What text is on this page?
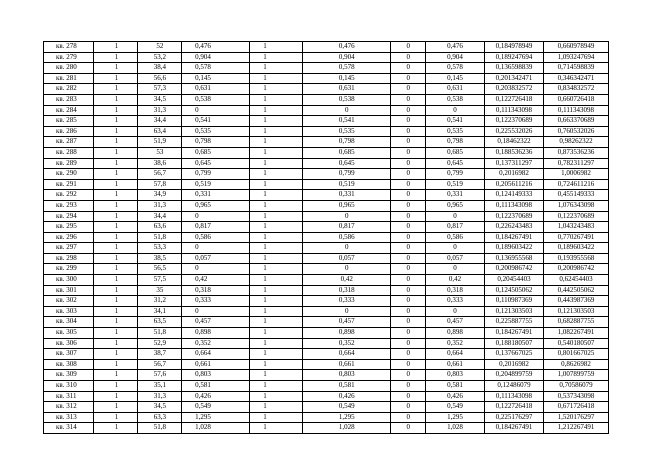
кв. 278	1	52	0,476	1	0,476	0	0,476	0,184978949	0,660978949
кв. 279	1	53,2	0,904	1	0,904	0	0,904	0,189247694	1,093247694
кв. 280	1	38,4	0,578	1	0,578	0	0,578	0,136598839	0,714598839
кв. 281	1	56,6	0,145	1	0,145	0	0,145	0,201342471	0,346342471
кв. 282	1	57,3	0,631	1	0,631	0	0,631	0,203832572	0,834832572
кв. 283	1	34,5	0,538	1	0,538	0	0,538	0,122726418	0,660726418
кв. 284	1	31,3	0	1	0	0	0	0,111343098	0,111343098
кв. 285	1	34,4	0,541	1	0,541	0	0,541	0,122370689	0,663370689
кв. 286	1	63,4	0,535	1	0,535	0	0,535	0,225532026	0,760532026
кв. 287	1	51,9	0,798	1	0,798	0	0,798	0,18462322	0,98262322
кв. 288	1	53	0,685	1	0,685	0	0,685	0,188536236	0,873536236
кв. 289	1	38,6	0,645	1	0,645	0	0,645	0,137311297	0,782311297
кв. 290	1	56,7	0,799	1	0,799	0	0,799	0,2016982	1,0006982
кв. 291	1	57,8	0,519	1	0,519	0	0,519	0,205611216	0,724611216
кв. 292	1	34,9	0,331	1	0,331	0	0,331	0,124149333	0,455149333
кв. 293	1	31,3	0,965	1	0,965	0	0,965	0,111343098	1,076343098
кв. 294	1	34,4	0	1	0	0	0	0,122370689	0,122370689
кв. 295	1	63,6	0,817	1	0,817	0	0,817	0,226243483	1,043243483
кв. 296	1	51,8	0,586	1	0,586	0	0,586	0,184267491	0,770267491
кв. 297	1	53,3	0	1	0	0	0	0,189603422	0,189603422
кв. 298	1	38,5	0,057	1	0,057	0	0,057	0,136955568	0,193955568
кв. 299	1	56,5	0	1	0	0	0	0,200986742	0,200986742
кв. 300	1	57,5	0,42	1	0,42	0	0,42	0,20454403	0,62454403
кв. 301	1	35	0,318	1	0,318	0	0,318	0,124505062	0,442505062
кв. 302	1	31,2	0,333	1	0,333	0	0,333	0,110987369	0,443987369
кв. 303	1	34,1	0	1	0	0	0	0,121303503	0,121303503
кв. 304	1	63,5	0,457	1	0,457	0	0,457	0,225887755	0,682887755
кв. 305	1	51,8	0,898	1	0,898	0	0,898	0,184267491	1,082267491
кв. 306	1	52,9	0,352	1	0,352	0	0,352	0,188180507	0,540180507
кв. 307	1	38,7	0,664	1	0,664	0	0,664	0,137667025	0,801667025
кв. 308	1	56,7	0,661	1	0,661	0	0,661	0,2016982	0,8626982
кв. 309	1	57,6	0,803	1	0,803	0	0,803	0,204899759	1,007899759
кв. 310	1	35,1	0,581	1	0,581	0	0,581	0,12486079	0,70586079
кв. 311	1	31,3	0,426	1	0,426	0	0,426	0,111343098	0,537343098
кв. 312	1	34,5	0,549	1	0,549	0	0,549	0,122726418	0,671726418
кв. 313	1	63,3	1,295	1	1,295	0	1,295	0,225176297	1,520176297
кв. 314	1	51,8	1,028	1	1,028	0	1,028	0,184267491	1,212267491
